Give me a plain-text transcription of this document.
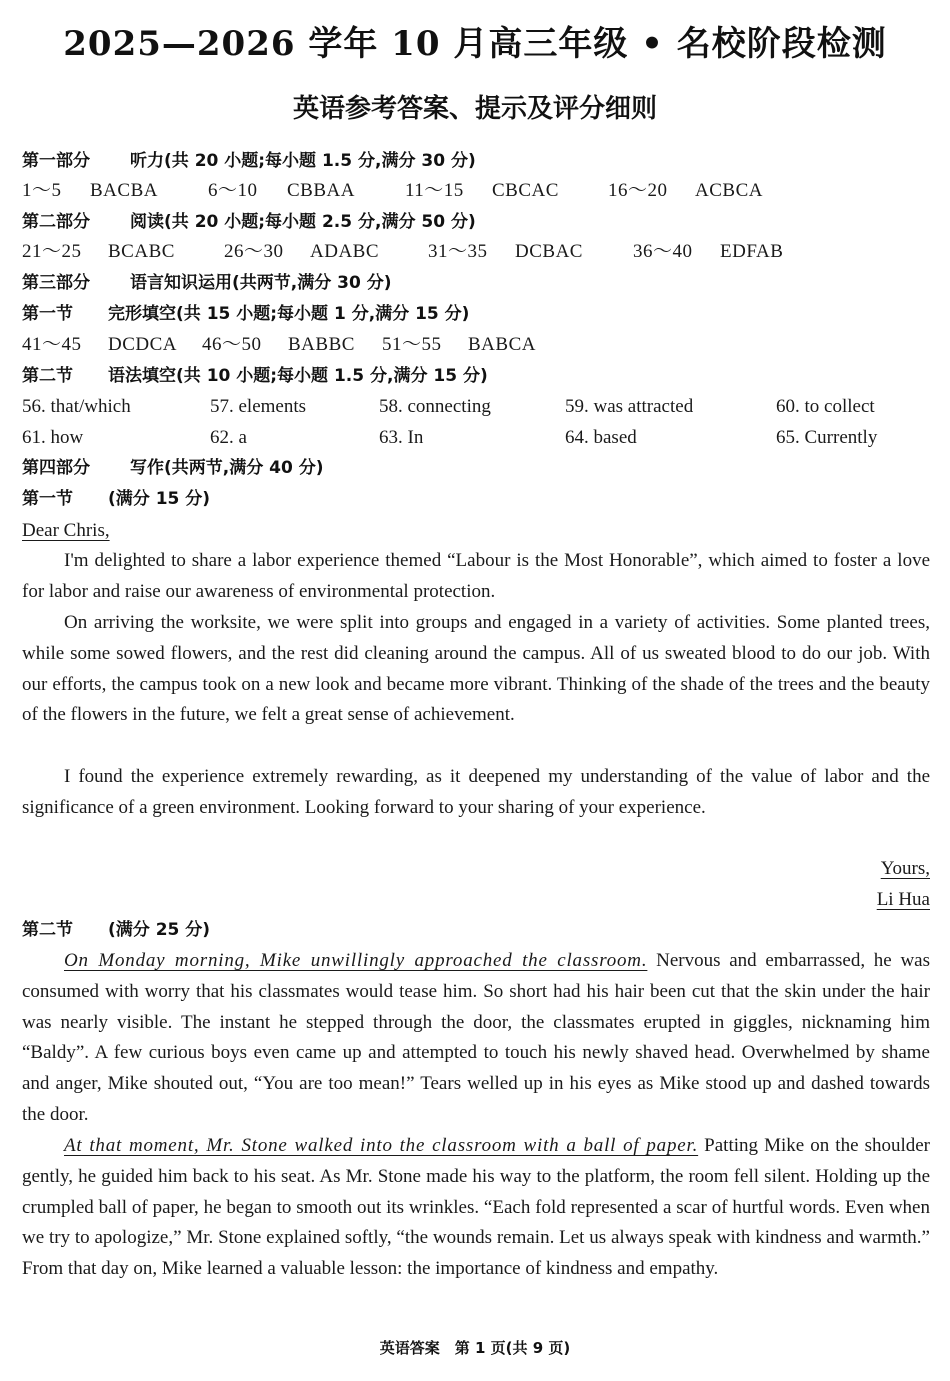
2025—2026 学年 10 月高三年级 • 名校阶段检测
英语参考答案、提示及评分细则
第一部分 听力(共 20 小题;每小题 1.5 分,满分 30 分)
1～5 BACBA	6～10 CBBAA	11～15 CBCAC	16～20 ACBCA
第二部分 阅读(共 20 小题;每小题 2.5 分,满分 50 分)
21～25 BCABC	26～30 ADABC	31～35 DCBAC	36～40 EDFAB
第三部分 语言知识运用(共两节,满分 30 分)
第一节 完形填空(共 15 小题;每小题 1 分,满分 15 分)
41～45 DCDCA 46～50 BABBC 51～55 BABCA
第二节 语法填空(共 10 小题;每小题 1.5 分,满分 15 分)
56. that/which	57. elements	58. connecting	59. was attracted	60. to collect
61. how	62. a	63. In	64. based	65. Currently
第四部分 写作(共两节,满分 40 分)
第一节 (满分 15 分)
Dear Chris,
I'm delighted to share a labor experience themed “Labour is the Most Honorable”, which aimed to foster a love for labor and raise our awareness of environmental protection.
On arriving the worksite, we were split into groups and engaged in a variety of activities. Some planted trees, while some sowed flowers, and the rest did cleaning around the campus. All of us sweated blood to do our job. With our efforts, the campus took on a new look and became more vibrant. Thinking of the shade of the trees and the beauty of the flowers in the future, we felt a great sense of achievement.
I found the experience extremely rewarding, as it deepened my understanding of the value of labor and the significance of a green environment. Looking forward to your sharing of your experience.
Yours,
Li Hua
第二节 (满分 25 分)
On Monday morning, Mike unwillingly approached the classroom. Nervous and embarrassed, he was consumed with worry that his classmates would tease him. So short had his hair been cut that the skin under the hair was nearly visible. The instant he stepped through the door, the classmates erupted in giggles, nicknaming him “Baldy”. A few curious boys even came up and attempted to touch his newly shaved head. Overwhelmed by shame and anger, Mike shouted out, “You are too mean!” Tears welled up in his eyes as Mike stood up and dashed towards the door.
At that moment, Mr. Stone walked into the classroom with a ball of paper. Patting Mike on the shoulder gently, he guided him back to his seat. As Mr. Stone made his way to the platform, the room fell silent. Holding up the crumpled ball of paper, he began to smooth out its wrinkles. “Each fold represented a scar of hurtful words. Even when we try to apologize,” Mr. Stone explained softly, “the wounds remain. Let us always speak with kindness and warmth.” From that day on, Mike learned a valuable lesson: the importance of kindness and empathy.
英语答案　第 1 页(共 9 页)
